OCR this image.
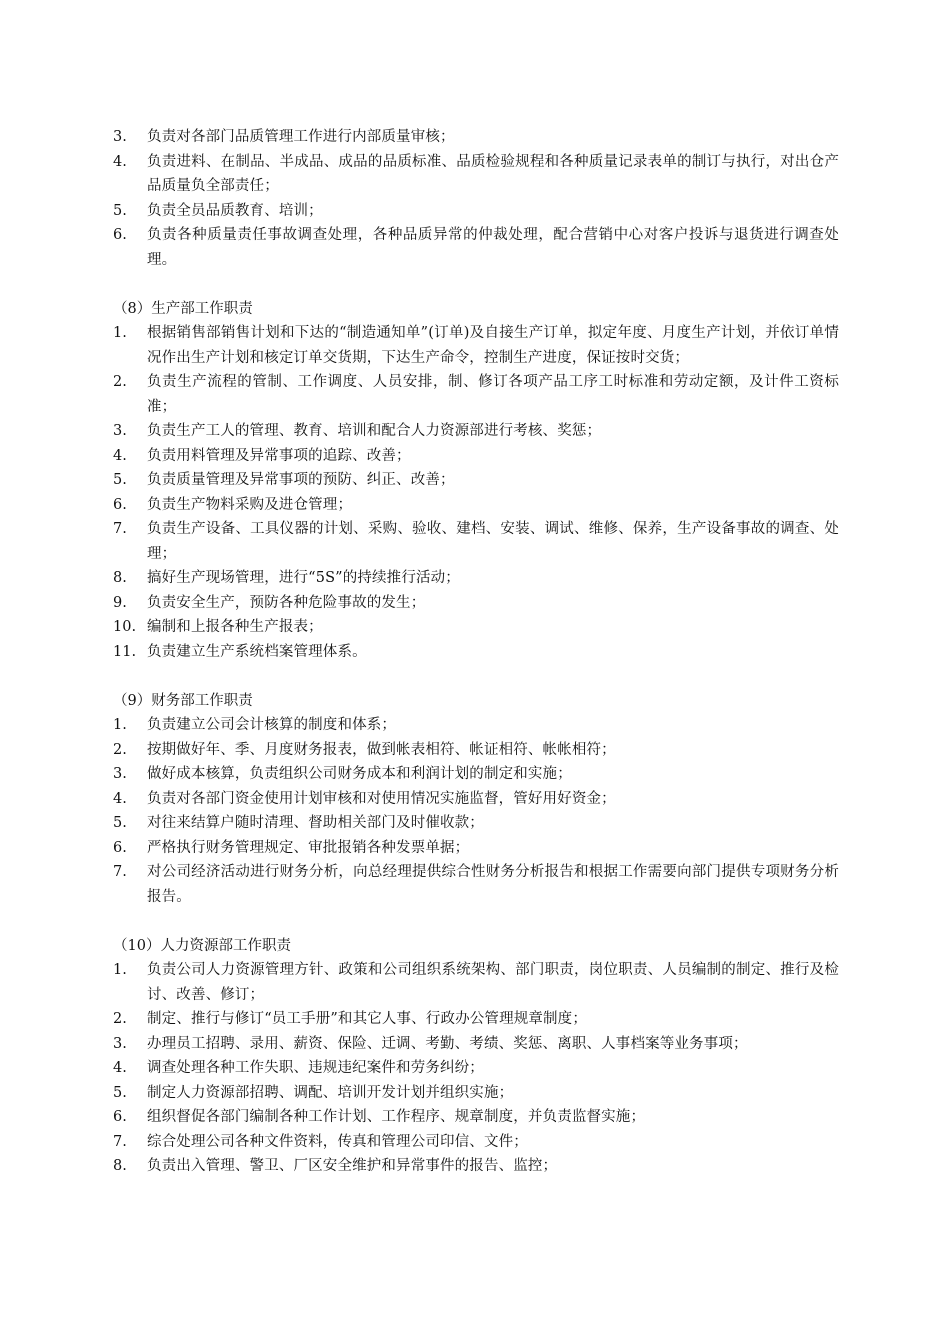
3.	负责对各部门品质管理工作进行内部质量审核；
4.	负责进料、在制品、半成品、成品的品质标准、品质检验规程和各种质量记录表单的制订与执行，对出仓产品质量负全部责任；
5.	负责全员品质教育、培训；
6.	负责各种质量责任事故调查处理，各种品质异常的仲裁处理，配合营销中心对客户投诉与退货进行调查处理。
（8）生产部工作职责
1.	根据销售部销售计划和下达的“制造通知单”(订单)及自接生产订单，拟定年度、月度生产计划，并依订单情况作出生产计划和核定订单交货期，下达生产命令，控制生产进度，保证按时交货；
2.	负责生产流程的管制、工作调度、人员安排，制、修订各项产品工序工时标准和劳动定额，及计件工资标准；
3.	负责生产工人的管理、教育、培训和配合人力资源部进行考核、奖惩；
4.	负责用料管理及异常事项的追踪、改善；
5.	负责质量管理及异常事项的预防、纠正、改善；
6.	负责生产物料采购及进仓管理；
7.	负责生产设备、工具仪器的计划、采购、验收、建档、安装、调试、维修、保养，生产设备事故的调查、处理；
8.	搞好生产现场管理，进行“5S”的持续推行活动；
9.	负责安全生产，预防各种危险事故的发生；
10. 编制和上报各种生产报表；
11. 负责建立生产系统档案管理体系。
（9）财务部工作职责
1.	负责建立公司会计核算的制度和体系；
2.	按期做好年、季、月度财务报表，做到帐表相符、帐证相符、帐帐相符；
3.	做好成本核算，负责组织公司财务成本和利润计划的制定和实施；
4.	负责对各部门资金使用计划审核和对使用情况实施监督，管好用好资金；
5.	对往来结算户随时清理、督助相关部门及时催收款；
6.	严格执行财务管理规定、审批报销各种发票单据；
7.	对公司经济活动进行财务分析，向总经理提供综合性财务分析报告和根据工作需要向部门提供专项财务分析报告。
（10）人力资源部工作职责
1.	负责公司人力资源管理方针、政策和公司组织系统架构、部门职责，岗位职责、人员编制的制定、推行及检讨、改善、修订；
2.	制定、推行与修订“员工手册”和其它人事、行政办公管理规章制度；
3.	办理员工招聘、录用、薪资、保险、迁调、考勤、考绩、奖惩、离职、人事档案等业务事项；
4.	调查处理各种工作失职、违规违纪案件和劳务纠纷；
5.	制定人力资源部招聘、调配、培训开发计划并组织实施；
6.	组织督促各部门编制各种工作计划、工作程序、规章制度，并负责监督实施；
7.	综合处理公司各种文件资料，传真和管理公司印信、文件；
8.	负责出入管理、警卫、厂区安全维护和异常事件的报告、监控；
